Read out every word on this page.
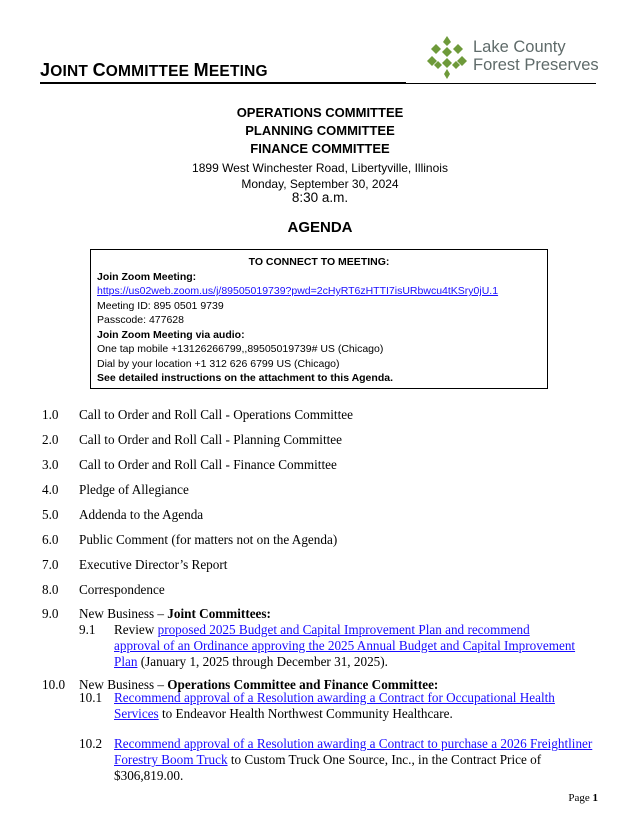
JOINT COMMITTEE MEETING
Lake County
Forest Preserves
OPERATIONS COMMITTEE
PLANNING COMMITTEE
FINANCE COMMITTEE
1899 West Winchester Road, Libertyville, Illinois
Monday, September 30, 2024
8:30 a.m.
AGENDA
TO CONNECT TO MEETING:
Join Zoom Meeting:
https://us02web.zoom.us/j/89505019739?pwd=2cHyRT6zHTTI7isURbwcu4tKSry0jU.1
Meeting ID: 895 0501 9739
Passcode: 477628
Join Zoom Meeting via audio:
One tap mobile +13126266799,,89505019739# US (Chicago)
Dial by your location +1 312 626 6799 US (Chicago)
See detailed instructions on the attachment to this Agenda.
1.0	Call to Order and Roll Call - Operations Committee
2.0	Call to Order and Roll Call - Planning Committee
3.0	Call to Order and Roll Call - Finance Committee
4.0	Pledge of Allegiance
5.0	Addenda to the Agenda
6.0	Public Comment (for matters not on the Agenda)
7.0	Executive Director’s Report
8.0	Correspondence
9.0	New Business – Joint Committees:
9.1 Review proposed 2025 Budget and Capital Improvement Plan and recommend approval of an Ordinance approving the 2025 Annual Budget and Capital Improvement Plan (January 1, 2025 through December 31, 2025).
10.0	New Business – Operations Committee and Finance Committee:
10.1 Recommend approval of a Resolution awarding a Contract for Occupational Health Services to Endeavor Health Northwest Community Healthcare.
10.2 Recommend approval of a Resolution awarding a Contract to purchase a 2026 Freightliner Forestry Boom Truck to Custom Truck One Source, Inc., in the Contract Price of $306,819.00.
Page 1
